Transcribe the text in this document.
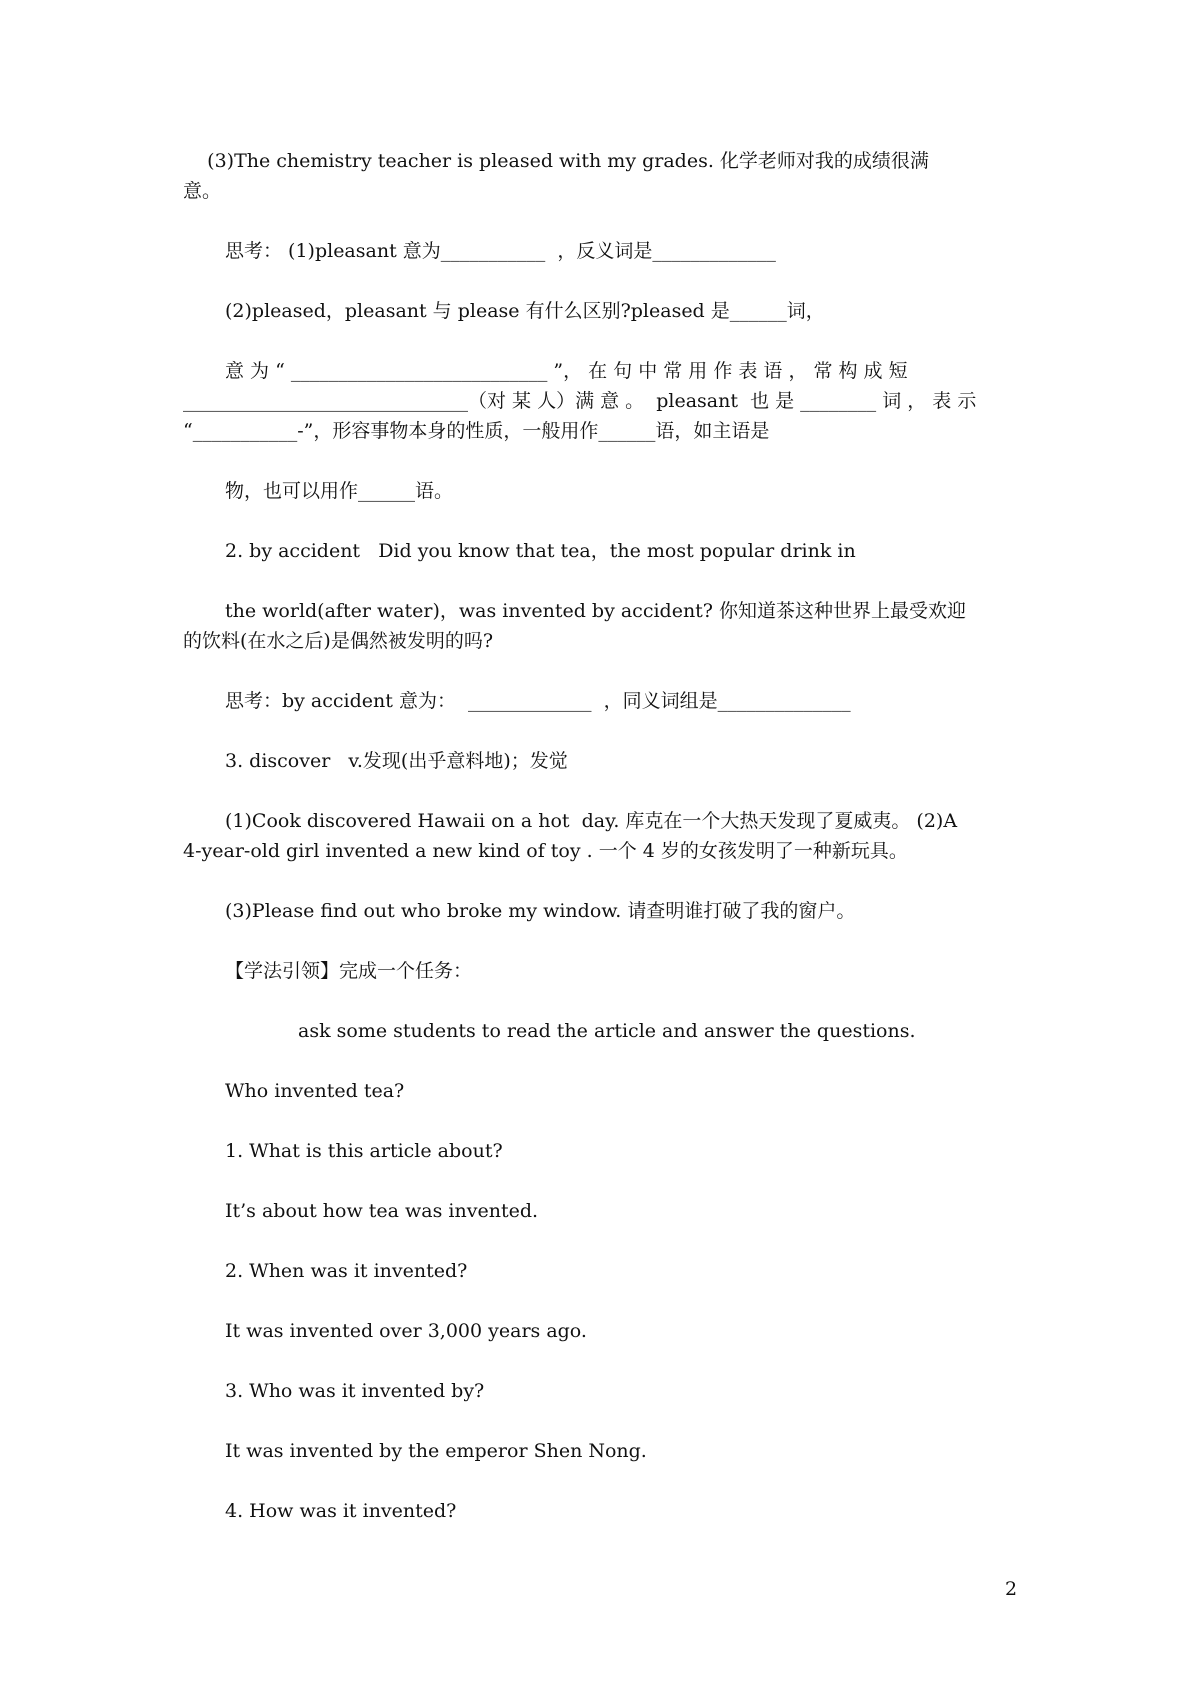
(3)The chemistry teacher is pleased with my grades. 化学老师对我的成绩很满

意。

思考： (1)pleasant 意为___________  ，反义词是_____________

(2)pleased，pleasant 与 please 有什么区别?pleased 是______词，

意 为 “ ___________________________ ”， 在 句 中 常 用 作 表 语 ， 常 构 成 短

______________________________（对 某 人）满 意 。  pleasant  也 是 ________ 词 ， 表 示

“___________-”，形容事物本身的性质，一般用作______语，如主语是

物，也可以用作______语。

2. by accident   Did you know that tea，the most popular drink in

the world(after water)，was invented by accident? 你知道茶这种世界上最受欢迎

的饮料(在水之后)是偶然被发明的吗?

思考：by accident 意为：  _____________  ，同义词组是______________

3. discover   v.发现(出乎意料地)；发觉

(1)Cook discovered Hawaii on a hot  day. 库克在一个大热天发现了夏威夷。 (2)A

4-year-old girl invented a new kind of toy . 一个 4 岁的女孩发明了一种新玩具。

(3)Please find out who broke my window. 请查明谁打破了我的窗户。

【学法引领】完成一个任务：

ask some students to read the article and answer the questions.

Who invented tea?

1. What is this article about?

It’s about how tea was invented.

2. When was it invented?

It was invented over 3,000 years ago.

3. Who was it invented by?

It was invented by the emperor Shen Nong.

4. How was it invented?

2
